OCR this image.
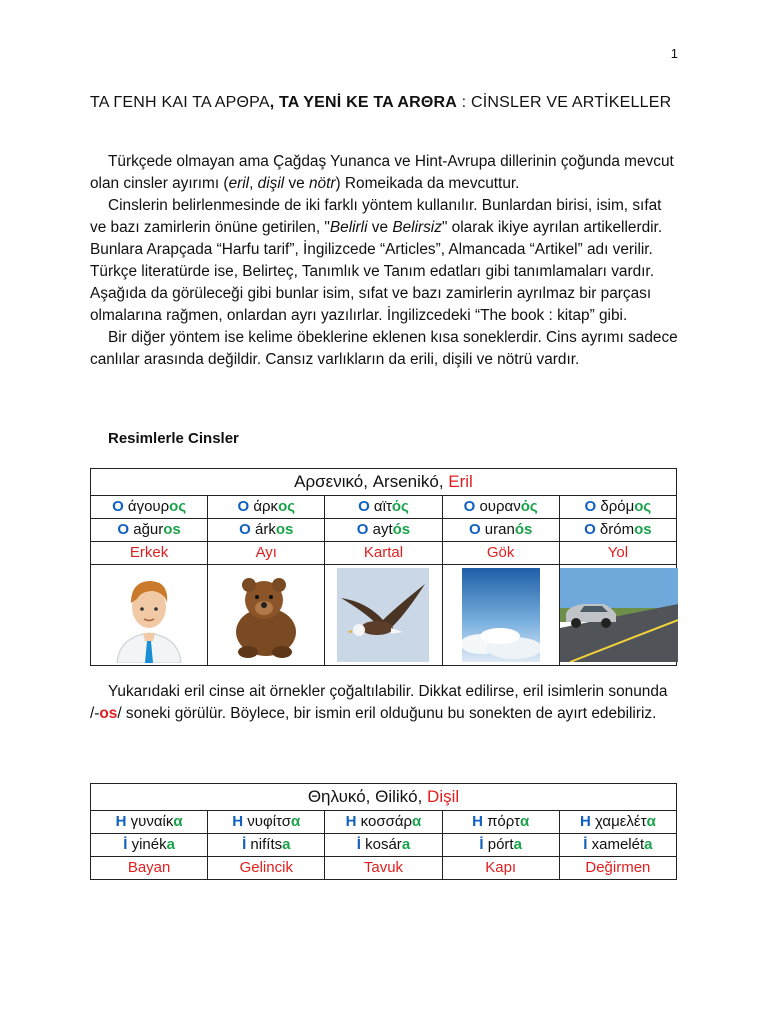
1
ΤΑ ΓΕΝΗ ΚΑΙ ΤΑ ΑΡΘΡΑ, TA YENİ KE TA ARΘRA : CİNSLER VE ARTİKELLER

Türkçede olmayan ama Çağdaş Yunanca ve Hint-Avrupa dillerinin çoğunda mevcut olan cinsler ayırımı (eril, dişil ve nötr) Romeikada da mevcuttur.

Cinslerin belirlenmesinde de iki farklı yöntem kullanılır. Bunlardan birisi, isim, sıfat ve bazı zamirlerin önüne getirilen, "Belirli ve Belirsiz" olarak ikiye ayrılan artikellerdir. Bunlara Arapçada “Harfu tarif”, İngilizcede “Articles”, Almancada “Artikel” adı verilir. Türkçe literatürde ise, Belirteç, Tanımlık ve Tanım edatları gibi tanımlamaları vardır. Aşağıda da görüleceği gibi bunlar isim, sıfat ve bazı zamirlerin ayrılmaz bir parçası olmalarına rağmen, onlardan ayrı yazılırlar. İngilizcedeki “The book : kitap” gibi.

Bir diğer yöntem ise kelime öbeklerine eklenen kısa soneklerdir. Cins ayrımı sadece canlılar arasında değildir. Cansız varlıkların da erili, dişili ve nötrü vardır.

Resimlerle Cinsler
Αρσενικό, Arsenikó, Eril				
Ο άγουρος	Ο άρκος	Ο αϊτός	Ο ουρανός	Ο δρόμος
O ağuros	O árkos	O aytós	O uranós	O δrómos
Erkek	Ayı	Kartal	Gök	Yol

Yukarıdaki eril cinse ait örnekler çoğaltılabilir. Dikkat edilirse, eril isimlerin sonunda /-os/ soneki görülür. Böylece, bir ismin eril olduğunu bu sonekten de ayırt edebiliriz.

Θηλυκό, Θilikó, Dişil				
Η γυναίκα	Η νυφίτσα	Η κοσσάρα	Η πόρτα	Η χαμελέτα
İ yinéka	İ nifítsa	İ kosára	İ pórta	İ xameléta
Bayan	Gelincik	Tavuk	Kapı	Değirmen
